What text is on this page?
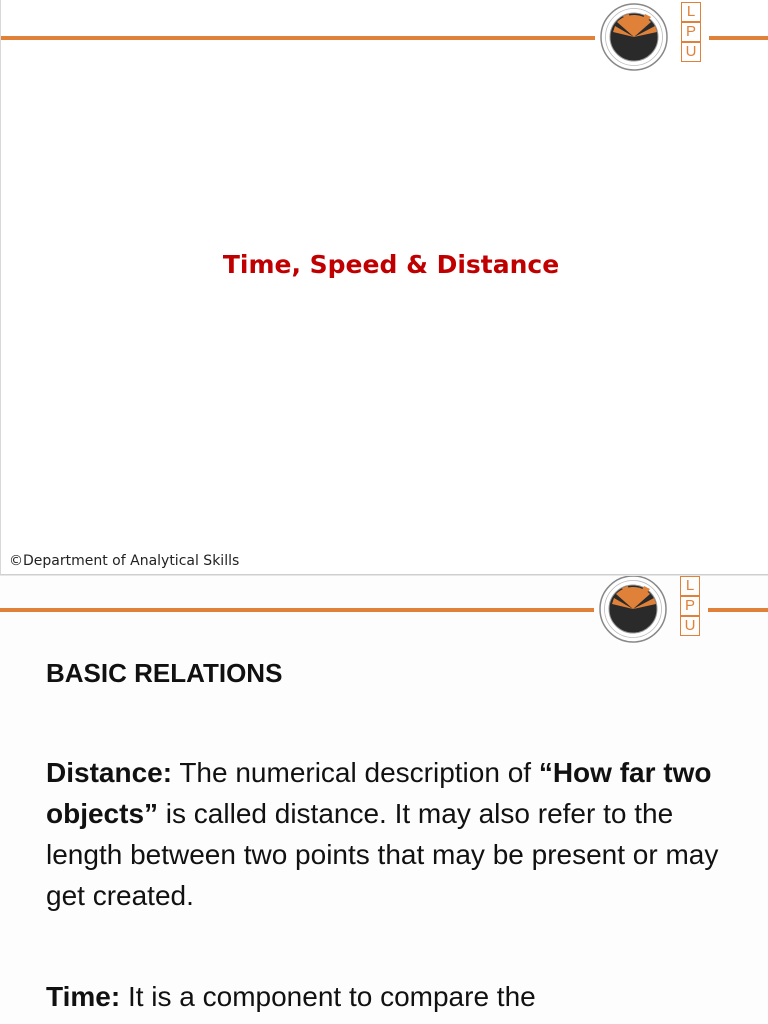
L
P
U
Time, Speed & Distance
©Department of Analytical Skills
L
P
U
BASIC RELATIONS
Distance: The numerical description of “How far two objects” is called distance. It may also refer to the length between two points that may be present or may get created.
Time: It is a component to compare the
